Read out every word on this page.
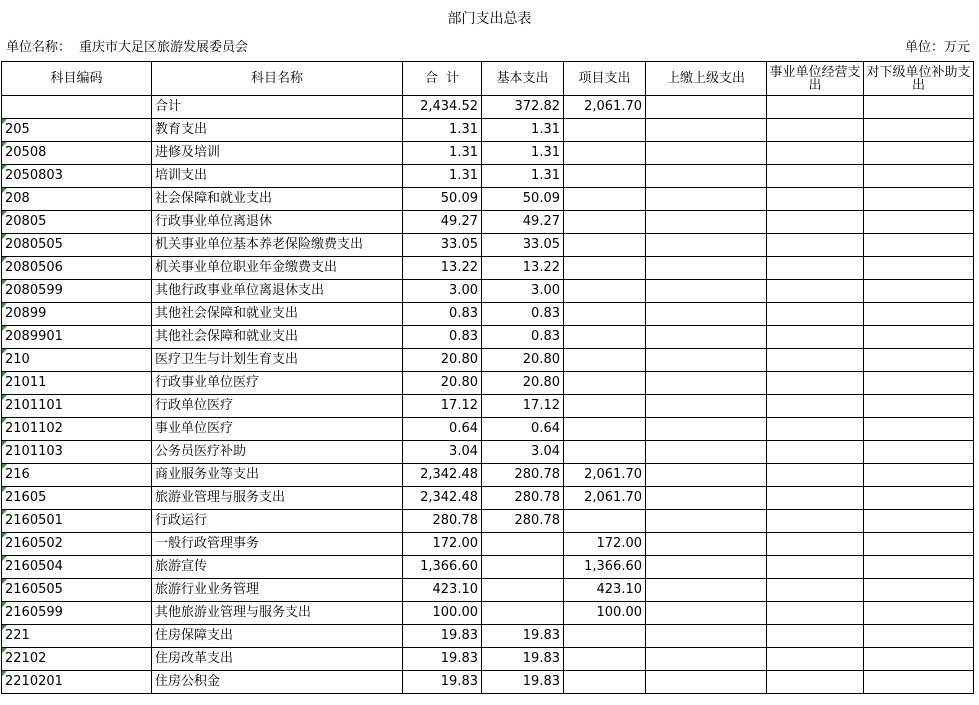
部门支出总表
单位名称： 重庆市大足区旅游发展委员会	单位：万元
科目编码	科目名称	合  计	基本支出	项目支出	上缴上级支出	事业单位经营支出	对下级单位补助支出
	合计	2,434.52	372.82	2,061.70			

205	教育支出	1.31	1.31				

20508	进修及培训	1.31	1.31				

2050803	培训支出	1.31	1.31				

208	社会保障和就业支出	50.09	50.09				

20805	行政事业单位离退休	49.27	49.27				

2080505	机关事业单位基本养老保险缴费支出	33.05	33.05				

2080506	机关事业单位职业年金缴费支出	13.22	13.22				

2080599	其他行政事业单位离退休支出	3.00	3.00				

20899	其他社会保障和就业支出	0.83	0.83				

2089901	其他社会保障和就业支出	0.83	0.83				

210	医疗卫生与计划生育支出	20.80	20.80				

21011	行政事业单位医疗	20.80	20.80				

2101101	行政单位医疗	17.12	17.12				

2101102	事业单位医疗	0.64	0.64				

2101103	公务员医疗补助	3.04	3.04				

216	商业服务业等支出	2,342.48	280.78	2,061.70			

21605	旅游业管理与服务支出	2,342.48	280.78	2,061.70			

2160501	行政运行	280.78	280.78				

2160502	一般行政管理事务	172.00		172.00			

2160504	旅游宣传	1,366.60		1,366.60			

2160505	旅游行业业务管理	423.10		423.10			

2160599	其他旅游业管理与服务支出	100.00		100.00			

221	住房保障支出	19.83	19.83				

22102	住房改革支出	19.83	19.83				

2210201	住房公积金	19.83	19.83				
